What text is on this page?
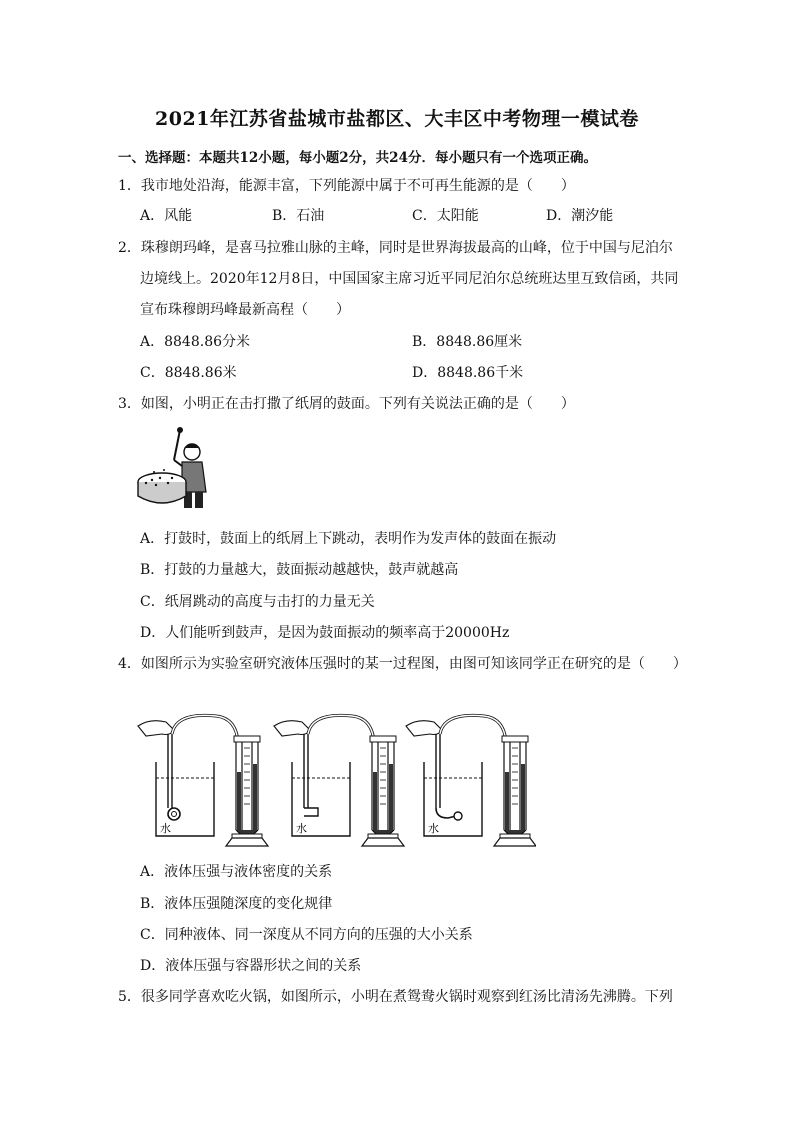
2021年江苏省盐城市盐都区、大丰区中考物理一模试卷
一、选择题：本题共12小题，每小题2分，共24分．每小题只有一个选项正确。
1．我市地处沿海，能源丰富，下列能源中属于不可再生能源的是（　　）
A．风能	B．石油	C．太阳能	D．潮汐能
2．珠穆朗玛峰，是喜马拉雅山脉的主峰，同时是世界海拔最高的山峰，位于中国与尼泊尔
边境线上。2020年12月8日，中国国家主席习近平同尼泊尔总统班达里互致信函，共同
宣布珠穆朗玛峰最新高程（　　）
A．8848.86分米	B．8848.86厘米
C．8848.86米	D．8848.86千米
3．如图，小明正在击打撒了纸屑的鼓面。下列有关说法正确的是（　　）
A．打鼓时，鼓面上的纸屑上下跳动，表明作为发声体的鼓面在振动
B．打鼓的力量越大，鼓面振动越越快，鼓声就越高
C．纸屑跳动的高度与击打的力量无关
D．人们能听到鼓声，是因为鼓面振动的频率高于20000Hz
4．如图所示为实验室研究液体压强时的某一过程图，由图可知该同学正在研究的是（　　）
水	水	水
A．液体压强与液体密度的关系
B．液体压强随深度的变化规律
C．同种液体、同一深度从不同方向的压强的大小关系
D．液体压强与容器形状之间的关系
5．很多同学喜欢吃火锅，如图所示，小明在煮鸳鸯火锅时观察到红汤比清汤先沸腾。下列
